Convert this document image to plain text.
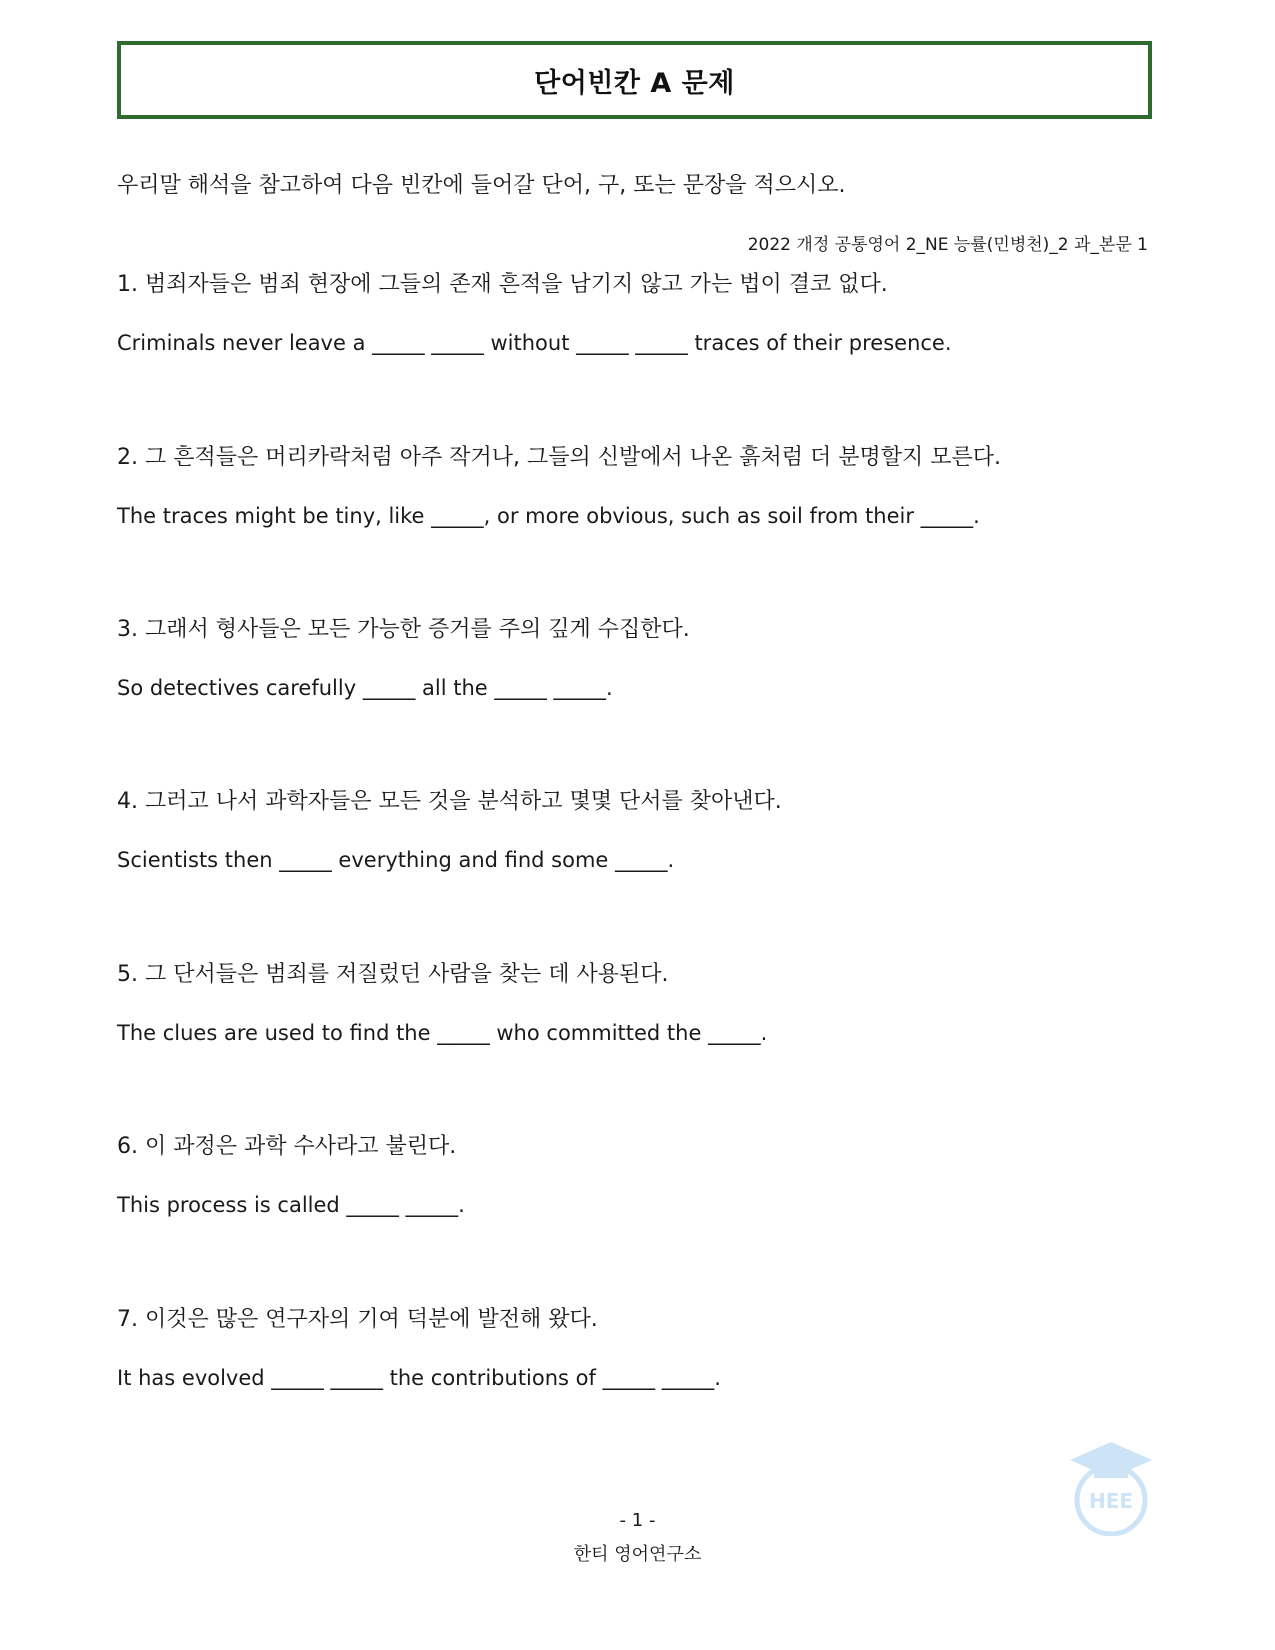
단어빈칸 A 문제
우리말 해석을 참고하여 다음 빈칸에 들어갈 단어, 구, 또는 문장을 적으시오.
2022 개정 공통영어 2_NE 능률(민병천)_2 과_본문 1
1. 범죄자들은 범죄 현장에 그들의 존재 흔적을 남기지 않고 가는 법이 결코 없다.
Criminals never leave a _____ _____ without _____ _____ traces of their presence.
2. 그 흔적들은 머리카락처럼 아주 작거나, 그들의 신발에서 나온 흙처럼 더 분명할지 모른다.
The traces might be tiny, like _____, or more obvious, such as soil from their _____.
3. 그래서 형사들은 모든 가능한 증거를 주의 깊게 수집한다.
So detectives carefully _____ all the _____ _____.
4. 그러고 나서 과학자들은 모든 것을 분석하고 몇몇 단서를 찾아낸다.
Scientists then _____ everything and find some _____.
5. 그 단서들은 범죄를 저질렀던 사람을 찾는 데 사용된다.
The clues are used to find the _____ who committed the _____.
6. 이 과정은 과학 수사라고 불린다.
This process is called _____ _____.
7. 이것은 많은 연구자의 기여 덕분에 발전해 왔다.
It has evolved _____ _____ the contributions of _____ _____.
HEE
- 1 -
한티 영어연구소
